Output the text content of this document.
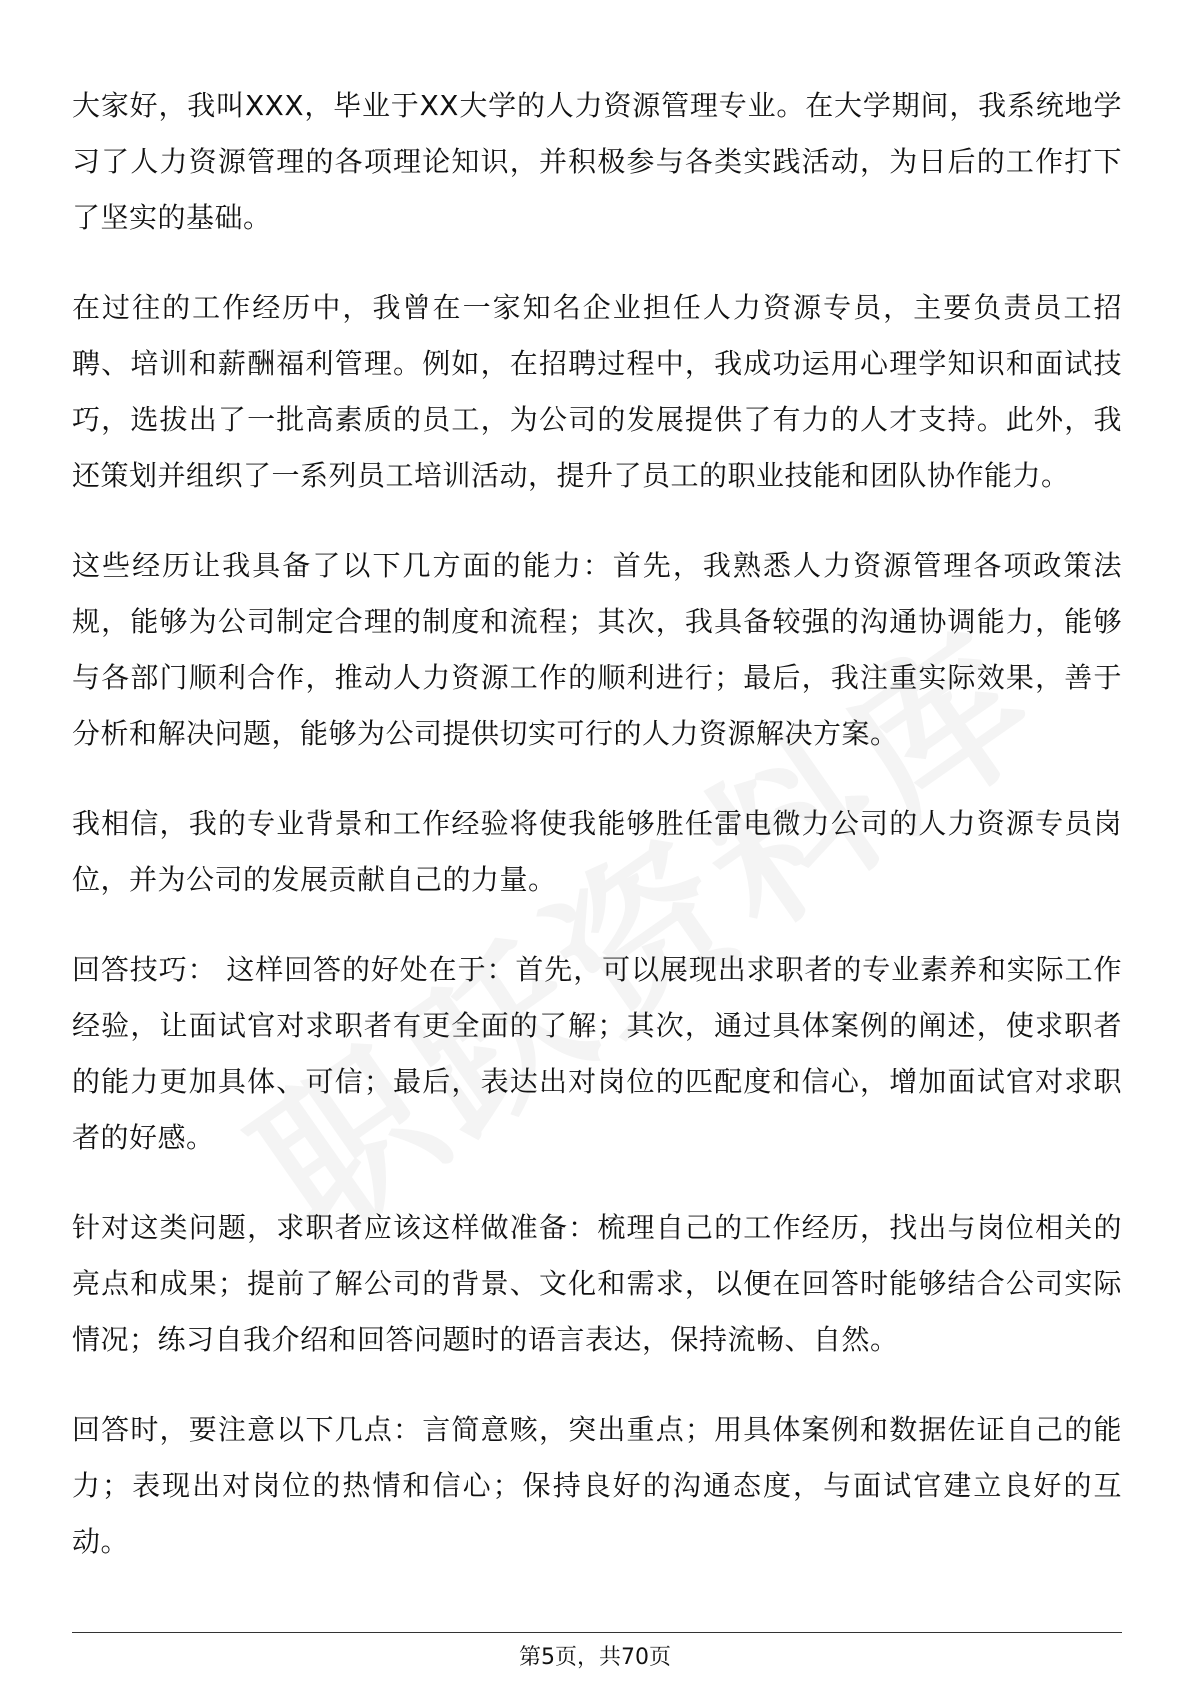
大家好，我叫XXX，毕业于XX大学的人力资源管理专业。在大学期间，我系统地学习了人力资源管理的各项理论知识，并积极参与各类实践活动，为日后的工作打下了坚实的基础。

在过往的工作经历中，我曾在一家知名企业担任人力资源专员，主要负责员工招聘、培训和薪酬福利管理。例如，在招聘过程中，我成功运用心理学知识和面试技巧，选拔出了一批高素质的员工，为公司的发展提供了有力的人才支持。此外，我还策划并组织了一系列员工培训活动，提升了员工的职业技能和团队协作能力。

这些经历让我具备了以下几方面的能力：首先，我熟悉人力资源管理各项政策法规，能够为公司制定合理的制度和流程；其次，我具备较强的沟通协调能力，能够与各部门顺利合作，推动人力资源工作的顺利进行；最后，我注重实际效果，善于分析和解决问题，能够为公司提供切实可行的人力资源解决方案。

我相信，我的专业背景和工作经验将使我能够胜任雷电微力公司的人力资源专员岗位，并为公司的发展贡献自己的力量。

回答技巧： 这样回答的好处在于：首先，可以展现出求职者的专业素养和实际工作经验，让面试官对求职者有更全面的了解；其次，通过具体案例的阐述，使求职者的能力更加具体、可信；最后，表达出对岗位的匹配度和信心，增加面试官对求职者的好感。

针对这类问题，求职者应该这样做准备：梳理自己的工作经历，找出与岗位相关的亮点和成果；提前了解公司的背景、文化和需求，以便在回答时能够结合公司实际情况；练习自我介绍和回答问题时的语言表达，保持流畅、自然。

回答时，要注意以下几点：言简意赅，突出重点；用具体案例和数据佐证自己的能力；表现出对岗位的热情和信心；保持良好的沟通态度，与面试官建立良好的互动。

第5页，共70页
